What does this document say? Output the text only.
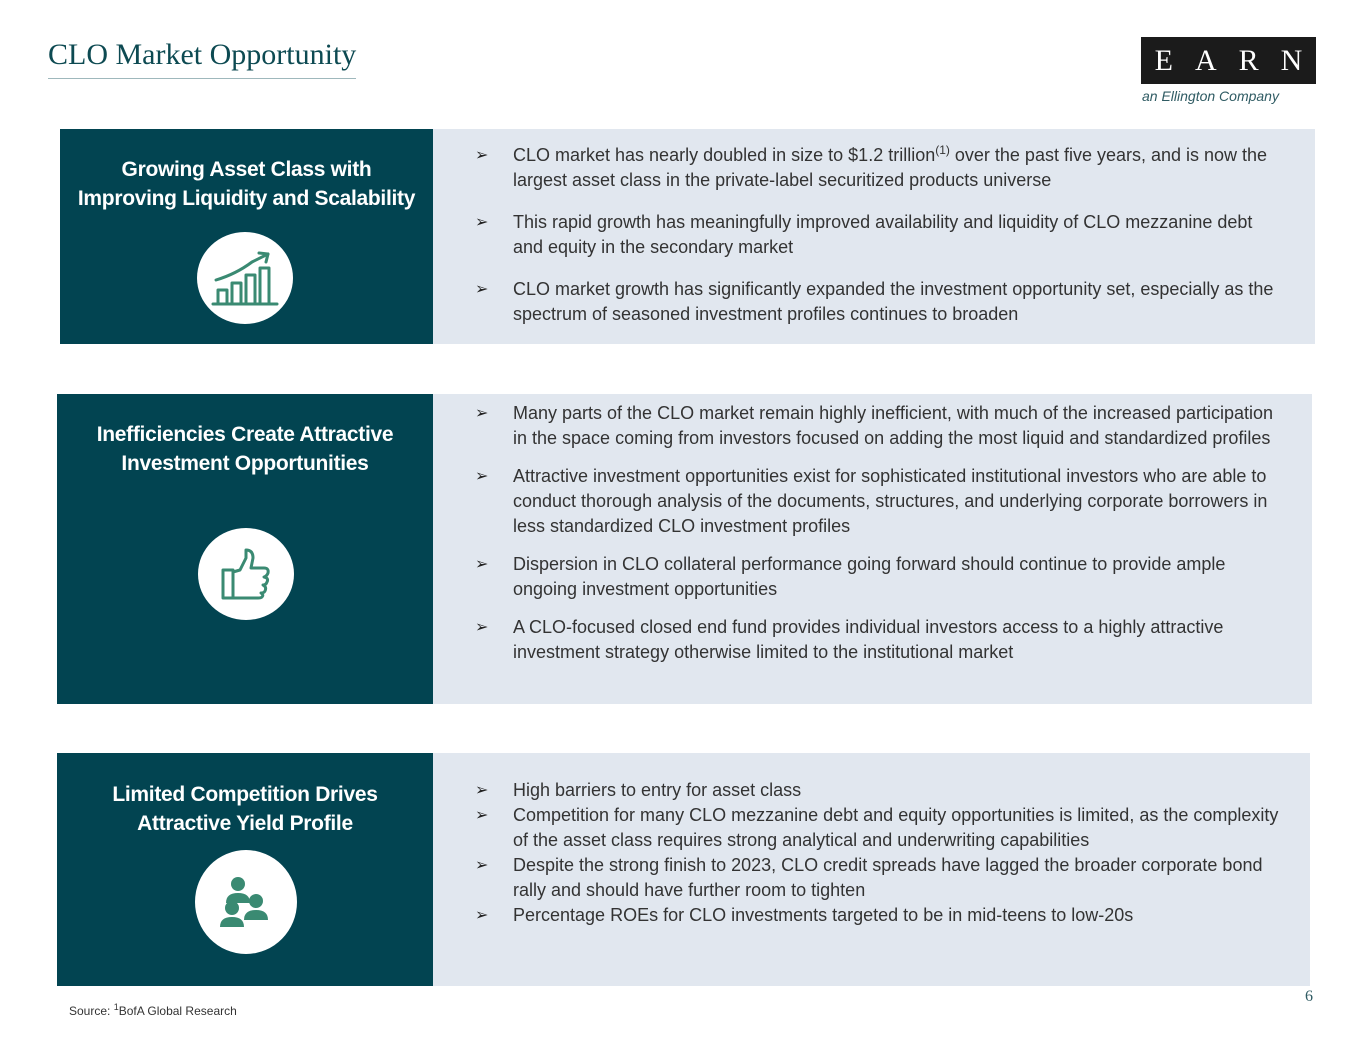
CLO Market Opportunity	EARN
an Ellington Company
Growing Asset Class with
Improving Liquidity and Scalability
➢ CLO market has nearly doubled in size to $1.2 trillion$^{(1)}$ over the past five years, and is now the largest asset class in the private-label securitized products universe
➢ This rapid growth has meaningfully improved availability and liquidity of CLO mezzanine debt and equity in the secondary market
➢ CLO market growth has significantly expanded the investment opportunity set, especially as the spectrum of seasoned investment profiles continues to broaden
Inefficiencies Create Attractive
Investment Opportunities
➢ Many parts of the CLO market remain highly inefficient, with much of the increased participation in the space coming from investors focused on adding the most liquid and standardized profiles
➢ Attractive investment opportunities exist for sophisticated institutional investors who are able to conduct thorough analysis of the documents, structures, and underlying corporate borrowers in less standardized CLO investment profiles
➢ Dispersion in CLO collateral performance going forward should continue to provide ample ongoing investment opportunities
➢ A CLO-focused closed end fund provides individual investors access to a highly attractive investment strategy otherwise limited to the institutional market
Limited Competition Drives
Attractive Yield Profile
➢ High barriers to entry for asset class
➢ Competition for many CLO mezzanine debt and equity opportunities is limited, as the complexity of the asset class requires strong analytical and underwriting capabilities
➢ Despite the strong finish to 2023, CLO credit spreads have lagged the broader corporate bond rally and should have further room to tighten
➢ Percentage ROEs for CLO investments targeted to be in mid-teens to low-20s
Source: $^1$BofA Global Research
6
